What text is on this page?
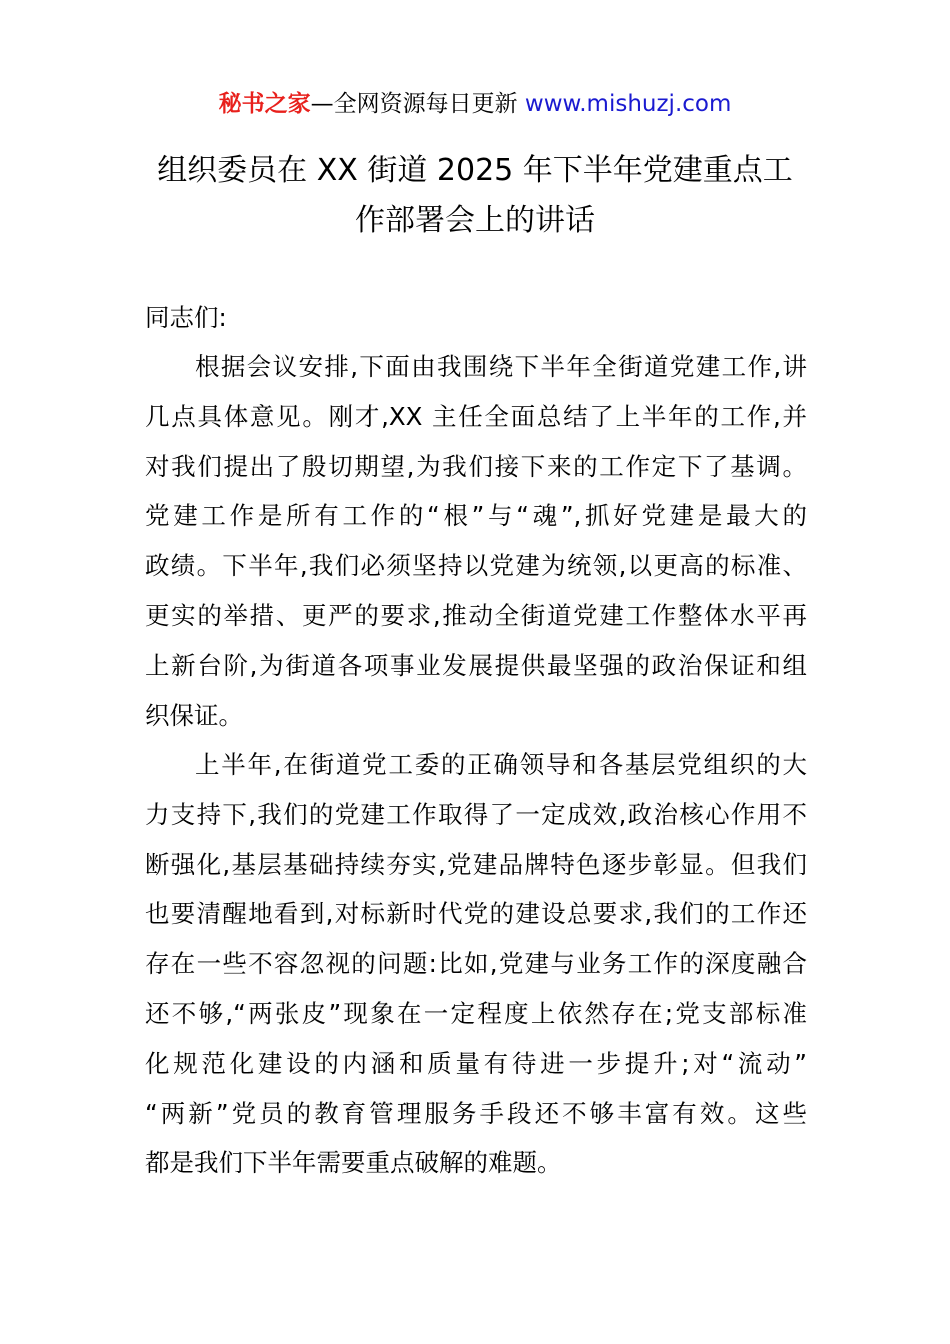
秘书之家—全网资源每日更新 www.mishuzj.com
组织委员在 XX 街道 2025 年下半年党建重点工
作部署会上的讲话
同志们:
根据会议安排,下面由我围绕下半年全街道党建工作,讲
几点具体意见。刚才,XX 主任全面总结了上半年的工作,并
对我们提出了殷切期望,为我们接下来的工作定下了基调。
党建工作是所有工作的“根”与“魂”,抓好党建是最大的
政绩。下半年,我们必须坚持以党建为统领,以更高的标准、
更实的举措、更严的要求,推动全街道党建工作整体水平再
上新台阶,为街道各项事业发展提供最坚强的政治保证和组
织保证。
上半年,在街道党工委的正确领导和各基层党组织的大
力支持下,我们的党建工作取得了一定成效,政治核心作用不
断强化,基层基础持续夯实,党建品牌特色逐步彰显。但我们
也要清醒地看到,对标新时代党的建设总要求,我们的工作还
存在一些不容忽视的问题:比如,党建与业务工作的深度融合
还不够,“两张皮”现象在一定程度上依然存在;党支部标准
化规范化建设的内涵和质量有待进一步提升;对“流动”
“两新”党员的教育管理服务手段还不够丰富有效。这些
都是我们下半年需要重点破解的难题。
